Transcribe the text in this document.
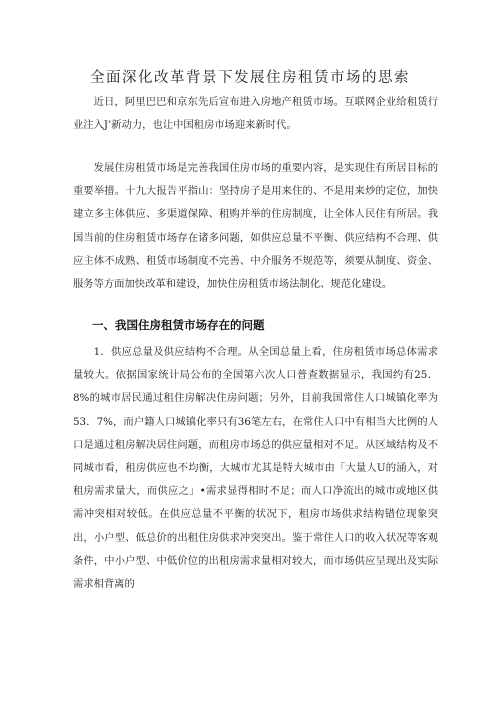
全面深化改革背景下发展住房租赁市场的思索

近日，阿里巴巴和京东先后宣布进入房地产租赁市场。互联网企业给租赁行业注入J’新动力，也让中国租房市场迎来新时代。

发展住房租赁市场是完善我国住房市场的重要内容，是实现住有所居目标的重要举措。十九大报告平指山：坚持房子是用来住的、不是用来炒的定位，加快建立多主体供应、多渠道保障、租购并举的住房制度，让全体人民住有所居。我国当前的住房租赁市场存在诸多问题，如供应总量不平衡、供应结构不合理、供应主体不成熟、租赁市场制度不完善、中介服务不规范等，须要从制度、资金、服务等方面加快改革和建设，加快住房租赁市场法制化、规范化建设。

一、我国住房租赁市场存在的问题

1．供应总量及供应结构不合理。从全国总量上看，住房租赁市场总体需求量较大。依据国家统计局公布的全国第六次人口普查数据显示，我国约有25．8%的城市居民通过租住房解决住房问题；另外，目前我国常住人口城镇化率为53．7%，而户籍人口城镇化率只有36笔左右，在常住人口中有相当大比例的人口是通过租房解决居住问题，而租房市场总的供应量相对不足。从区域结构及不同城市看，租房供应也不均衡，大城市尤其是特大城市由「大量人U的涌入，对租房需求量大，而供应之」•需求显得相时不足；而人口净流出的城市或地区供需冲突相对较低。在供应总量不平衡的状况下，租房市场供求结构错位现象突出，小户型、低总价的出租住房供求冲突突出。鉴于常住人口的收入状况等客观条件，中小户型、中低价位的出租房需求量相对较大，而市场供应呈现出及实际需求相背离的
